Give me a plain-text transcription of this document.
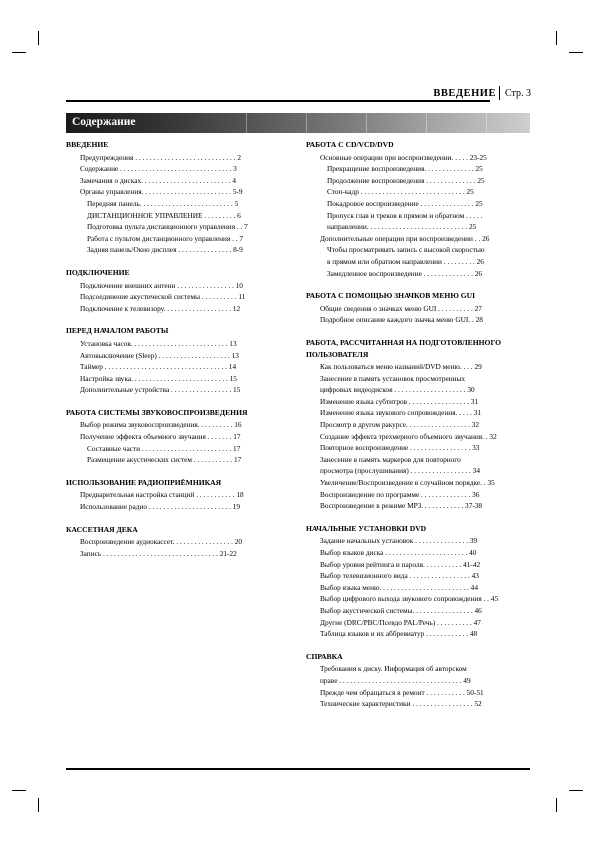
ВВЕДЕНИЕ Стр. 3
Содержание
ВВЕДЕНИЕ
Предупреждения . . . . . . . . . . . . . . . . . . . . . . . . . . . . 2
Содержание . . . . . . . . . . . . . . . . . . . . . . . . . . . . . . . 3
Замечания о дисках. . . . . . . . . . . . . . . . . . . . . . . . . 4
Органы управления. . . . . . . . . . . . . . . . . . . . . . . . . 5-9
Передняя панель. . . . . . . . . . . . . . . . . . . . . . . . . . 5
ДИСТАНЦИОННОЕ УПРАВЛЕНИЕ . . . . . . . . . 6
Подготовка пульта дистанционного управления . . 7
Работа с пультом дистанционного управления . . 7
Задняя панель/Окно дисплея . . . . . . . . . . . . . . . 8-9
ПОДКЛЮЧЕНИЕ
Подключение внешних антенн . . . . . . . . . . . . . . . . 10
Подсоединение акустической системы . . . . . . . . . . 11
Подключение к телевизору. . . . . . . . . . . . . . . . . . . 12
ПЕРЕД НАЧАЛОМ РАБОТЫ
Установка часов. . . . . . . . . . . . . . . . . . . . . . . . . . . 13
Автовыключение (Sleep) . . . . . . . . . . . . . . . . . . . . 13
Таймер . . . . . . . . . . . . . . . . . . . . . . . . . . . . . . . . . . 14
Настройка звука. . . . . . . . . . . . . . . . . . . . . . . . . . . 15
Дополнительные устройства . . . . . . . . . . . . . . . . . 15
РАБОТА СИСТЕМЫ ЗВУКОВОСПРОИЗВЕДЕНИЯ
Выбор режима звуковоспроизведения. . . . . . . . . . 16
Получение эффекта объемного звучания . . . . . . . 17
Составные части . . . . . . . . . . . . . . . . . . . . . . . . . 17
Размещение акустических систем . . . . . . . . . . . 17
ИСПОЛЬЗОВАНИЕ РАДИОПРИЁМНИКАЯ
Предварительная настройка станций . . . . . . . . . . . 18
Использование радио . . . . . . . . . . . . . . . . . . . . . . . 19
КАССЕТНАЯ ДЕКА
Воспроизведение аудиокассет. . . . . . . . . . . . . . . . . 20
Запись . . . . . . . . . . . . . . . . . . . . . . . . . . . . . . . . 21-22
РАБОТА С CD/VCD/DVD
Основные операции при воспроизведении. . . . . 23-25
Прекращение воспроизведения. . . . . . . . . . . . . . 25
Продолжение воспроизведения . . . . . . . . . . . . . . 25
Стоп-кадр . . . . . . . . . . . . . . . . . . . . . . . . . . . . . 25
Покадровое воспроизведение . . . . . . . . . . . . . . . 25
Пропуск глав и треков в прямом и обратном . . . . .
направлении. . . . . . . . . . . . . . . . . . . . . . . . . . . . 25
Дополнительные операции при воспроизведении . . 26
Чтобы просматривать запись с высокой скоростью
в прямом или обратном направлении . . . . . . . . . 26
Замедленное воспроизведение . . . . . . . . . . . . . . 26
РАБОТА С ПОМОЩЬЮ ЗНАЧКОВ МЕНЮ GUI
Общие сведения о значках меню GUI . . . . . . . . . . 27
Подробное описание каждого значка меню GUI. . 28
РАБОТА, РАССЧИТАННАЯ НА ПОДГОТОВЛЕННОГО ПОЛЬЗОВАТЕЛЯ
Как пользоваться меню названий/DVD меню. . . . 29
Занесение в память установок просмотренных
цифровых видеодисков . . . . . . . . . . . . . . . . . . . . 30
Изменение языка субтитров . . . . . . . . . . . . . . . . . 31
Изменение языка звукового сопровождения. . . . . 31
Просмотр в другом ракурсе. . . . . . . . . . . . . . . . . . 32
Создание эффекта трехмерного объемного звучания. . 32
Повторное воспроизведение . . . . . . . . . . . . . . . . . 33
Занесение в память маркеров для повторного
просмотра (прослушивания) . . . . . . . . . . . . . . . . . 34
Увеличение/Воспроизведение в случайном порядке. . 35
Воспроизведение по программе . . . . . . . . . . . . . . 36
Воспроизведение в режиме MP3. . . . . . . . . . . . 37-38
НАЧАЛЬНЫЕ УСТАНОВКИ DVD
Задание начальных установок . . . . . . . . . . . . . . . 39
Выбор языков диска . . . . . . . . . . . . . . . . . . . . . . . 40
Выбор уровня рейтинга и пароля. . . . . . . . . . . 41-42
Выбор телевизионного вида . . . . . . . . . . . . . . . . . 43
Выбор языка меню. . . . . . . . . . . . . . . . . . . . . . . . . 44
Выбор цифрового выхода звукового сопровождения . . 45
Выбор акустической системы. . . . . . . . . . . . . . . . . 46
Другие (DRC/PBC/Псевдо PAL/Речь) . . . . . . . . . . 47
Таблица языков и их аббревиатур . . . . . . . . . . . . 48
СПРАВКА
Требования к диску. Информация об авторском
праве . . . . . . . . . . . . . . . . . . . . . . . . . . . . . . . . . . 49
Прежде чем обращаться в ремонт . . . . . . . . . . . 50-51
Технические характеристики . . . . . . . . . . . . . . . . . 52
